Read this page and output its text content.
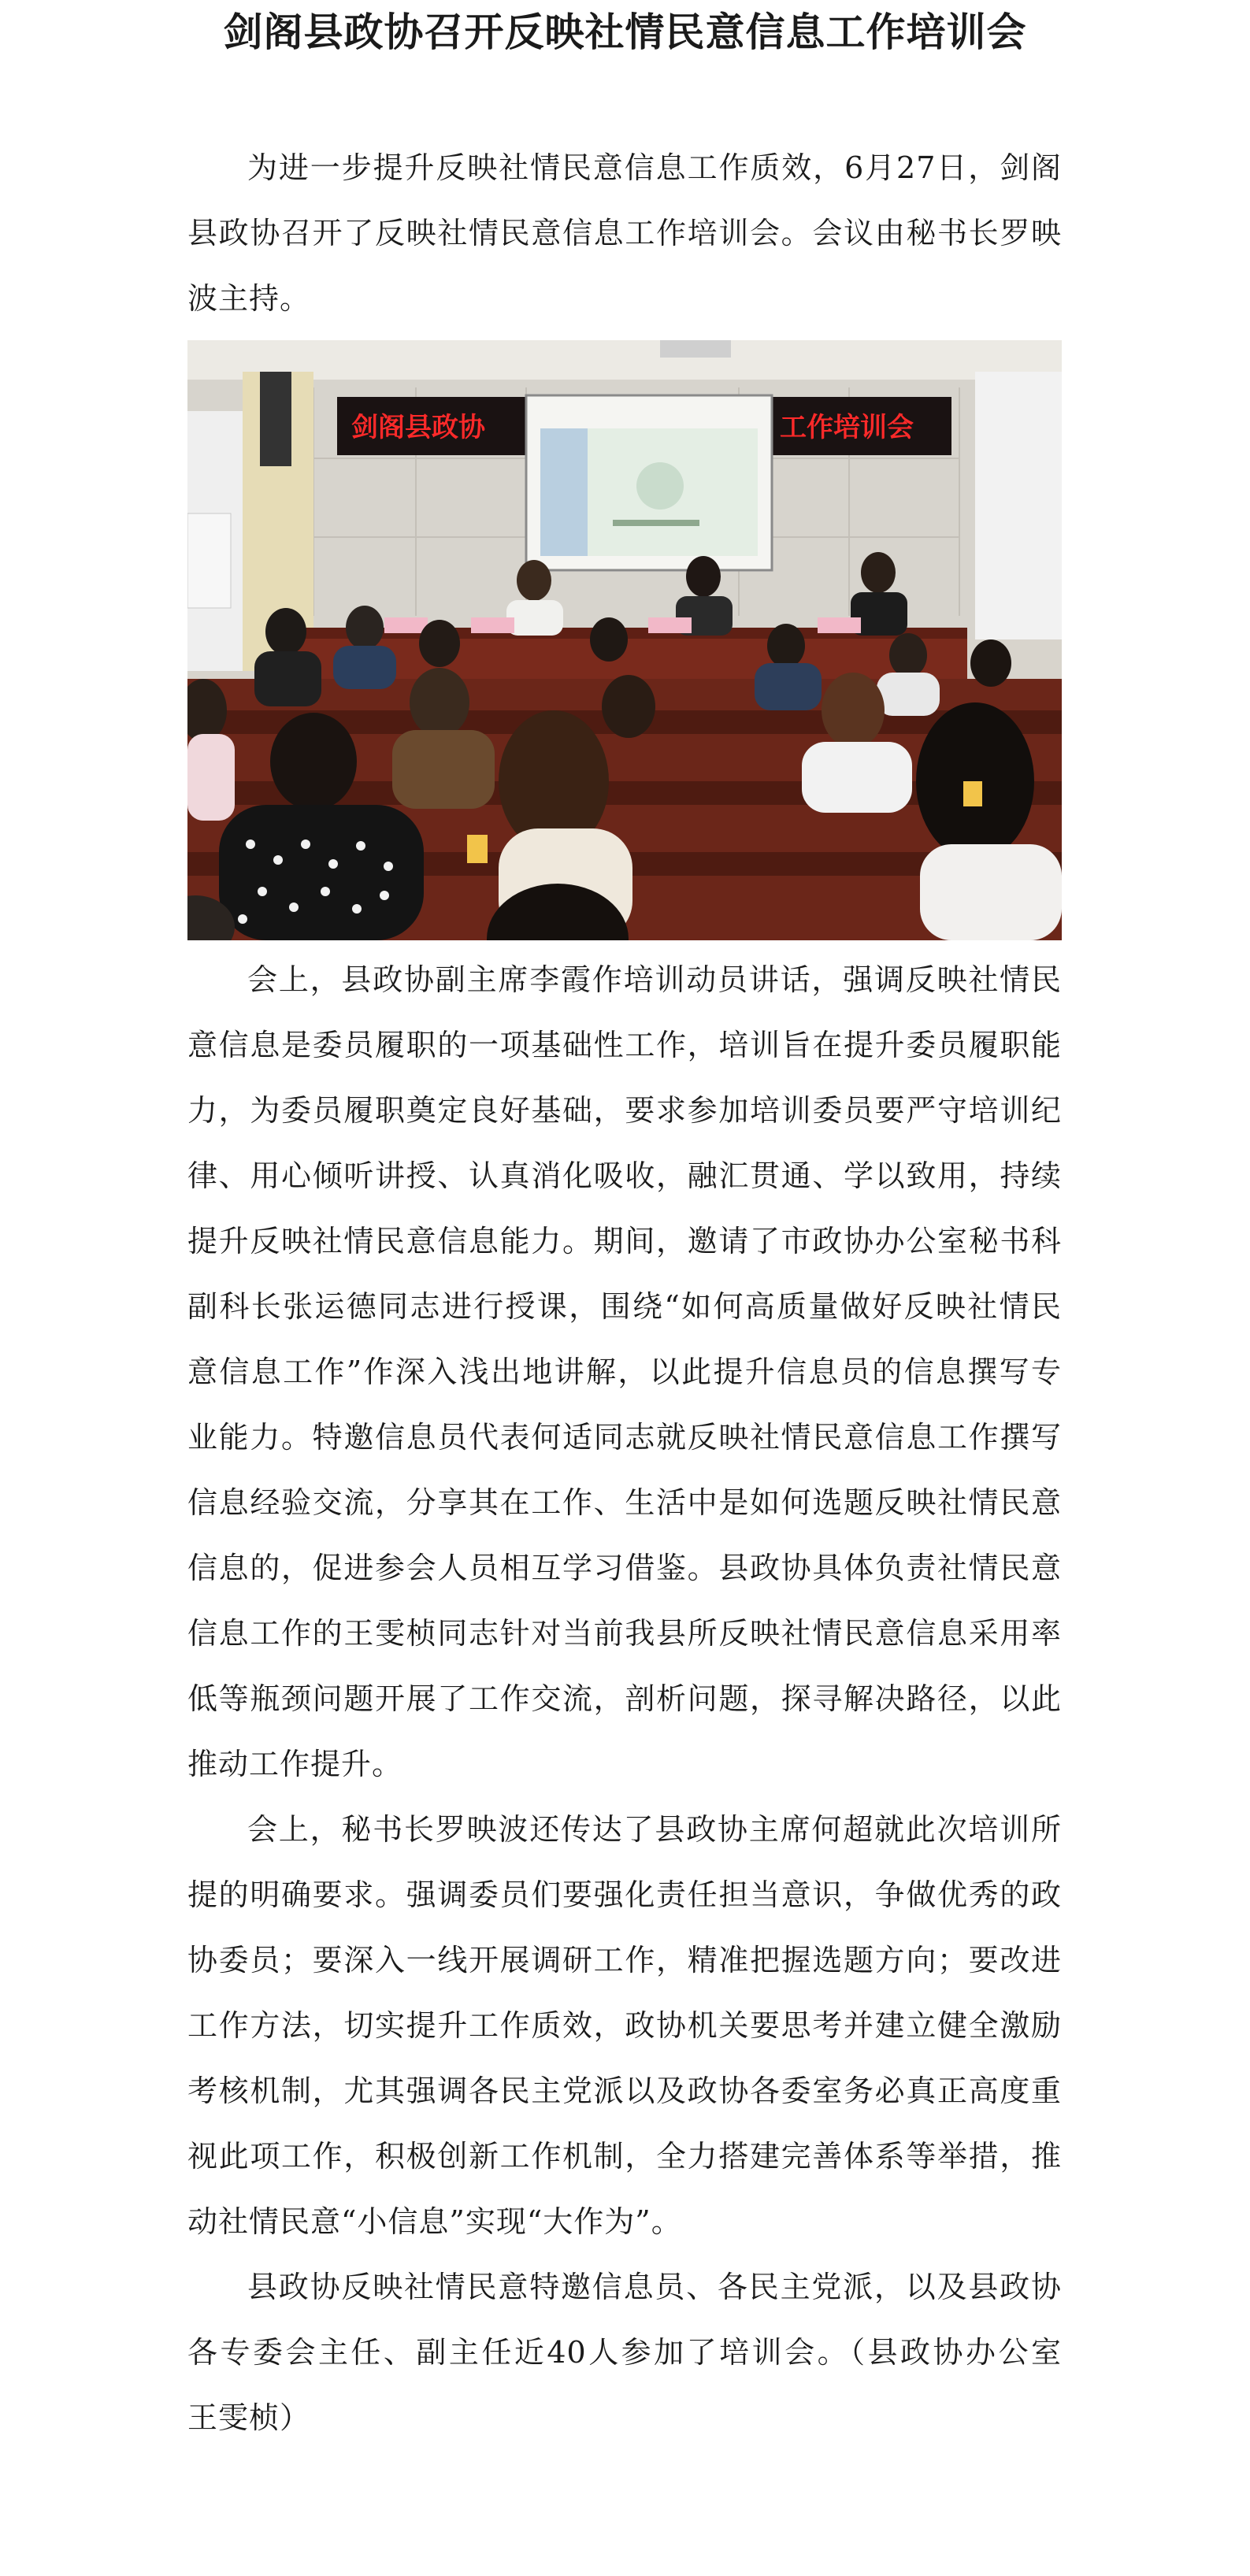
剑阁县政协召开反映社情民意信息工作培训会

为进一步提升反映社情民意信息工作质效，6月27日，剑阁县政协召开了反映社情民意信息工作培训会。会议由秘书长罗映波主持。

剑阁县政协	工作培训会

会上，县政协副主席李霞作培训动员讲话，强调反映社情民意信息是委员履职的一项基础性工作，培训旨在提升委员履职能力，为委员履职奠定良好基础，要求参加培训委员要严守培训纪律、用心倾听讲授、认真消化吸收，融汇贯通、学以致用，持续提升反映社情民意信息能力。期间，邀请了市政协办公室秘书科副科长张运德同志进行授课，围绕“如何高质量做好反映社情民意信息工作”作深入浅出地讲解，以此提升信息员的信息撰写专业能力。特邀信息员代表何适同志就反映社情民意信息工作撰写信息经验交流，分享其在工作、生活中是如何选题反映社情民意信息的，促进参会人员相互学习借鉴。县政协具体负责社情民意信息工作的王雯桢同志针对当前我县所反映社情民意信息采用率低等瓶颈问题开展了工作交流，剖析问题，探寻解决路径，以此推动工作提升。

会上，秘书长罗映波还传达了县政协主席何超就此次培训所提的明确要求。强调委员们要强化责任担当意识，争做优秀的政协委员；要深入一线开展调研工作，精准把握选题方向；要改进工作方法，切实提升工作质效，政协机关要思考并建立健全激励考核机制，尤其强调各民主党派以及政协各委室务必真正高度重视此项工作，积极创新工作机制，全力搭建完善体系等举措，推动社情民意“小信息”实现“大作为”。

县政协反映社情民意特邀信息员、各民主党派，以及县政协各专委会主任、副主任近40人参加了培训会。（县政协办公室　王雯桢）
